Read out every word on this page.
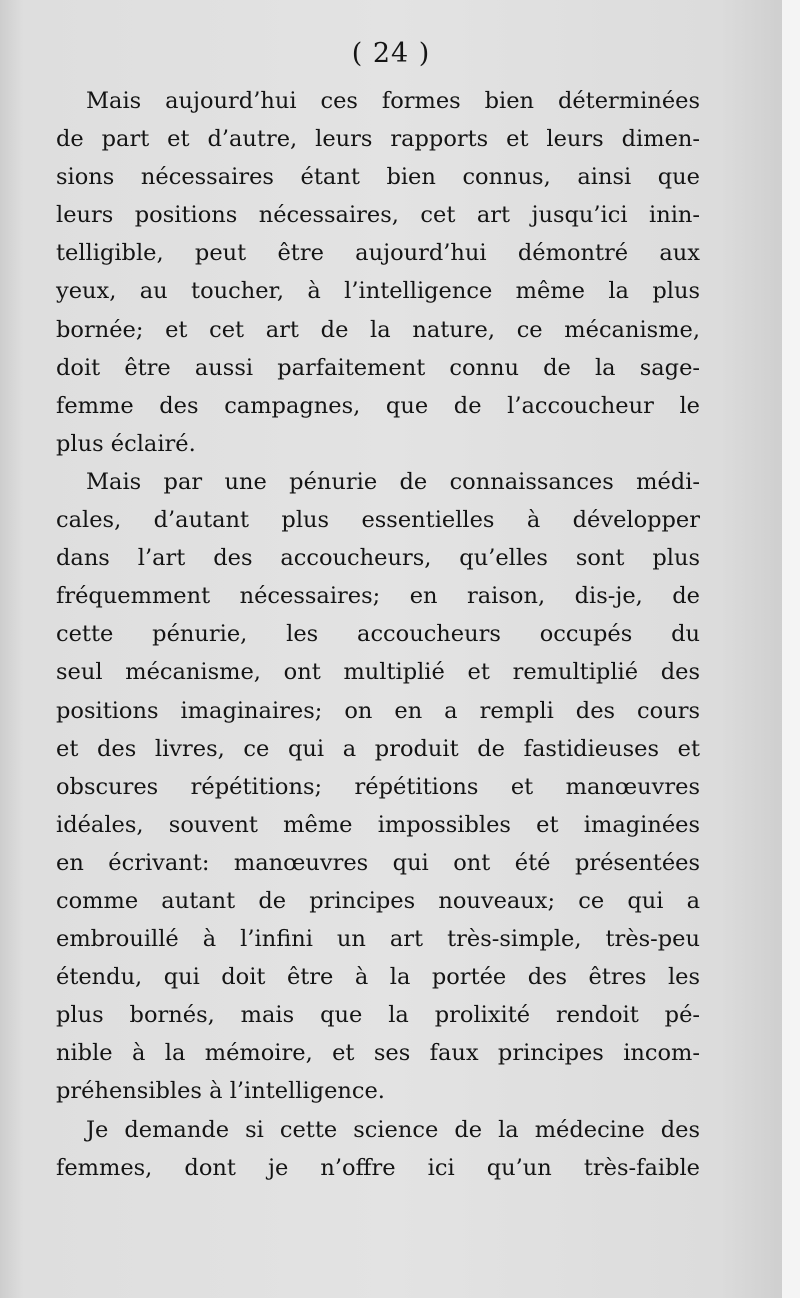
( 24 )

Mais aujourd’hui ces formes bien déterminées
de part et d’autre, leurs rapports et leurs dimen-
sions nécessaires étant bien connus, ainsi que
leurs positions nécessaires, cet art jusqu’ici inin-
telligible, peut être aujourd’hui démontré aux
yeux, au toucher, à l’intelligence même la plus
bornée; et cet art de la nature, ce mécanisme,
doit être aussi parfaitement connu de la sage-
femme des campagnes, que de l’accoucheur le
plus éclairé.

Mais par une pénurie de connaissances médi-
cales, d’autant plus essentielles à développer
dans l’art des accoucheurs, qu’elles sont plus
fréquemment nécessaires; en raison, dis-je, de
cette pénurie, les accoucheurs occupés du
seul mécanisme, ont multiplié et remultiplié des
positions imaginaires; on en a rempli des cours
et des livres, ce qui a produit de fastidieuses et
obscures répétitions; répétitions et manœuvres
idéales, souvent même impossibles et imaginées
en écrivant: manœuvres qui ont été présentées
comme autant de principes nouveaux; ce qui a
embrouillé à l’infini un art très-simple, très-peu
étendu, qui doit être à la portée des êtres les
plus bornés, mais que la prolixité rendoit pé-
nible à la mémoire, et ses faux principes incom-
préhensibles à l’intelligence.

Je demande si cette science de la médecine des
femmes, dont je n’offre ici qu’un très-faible
